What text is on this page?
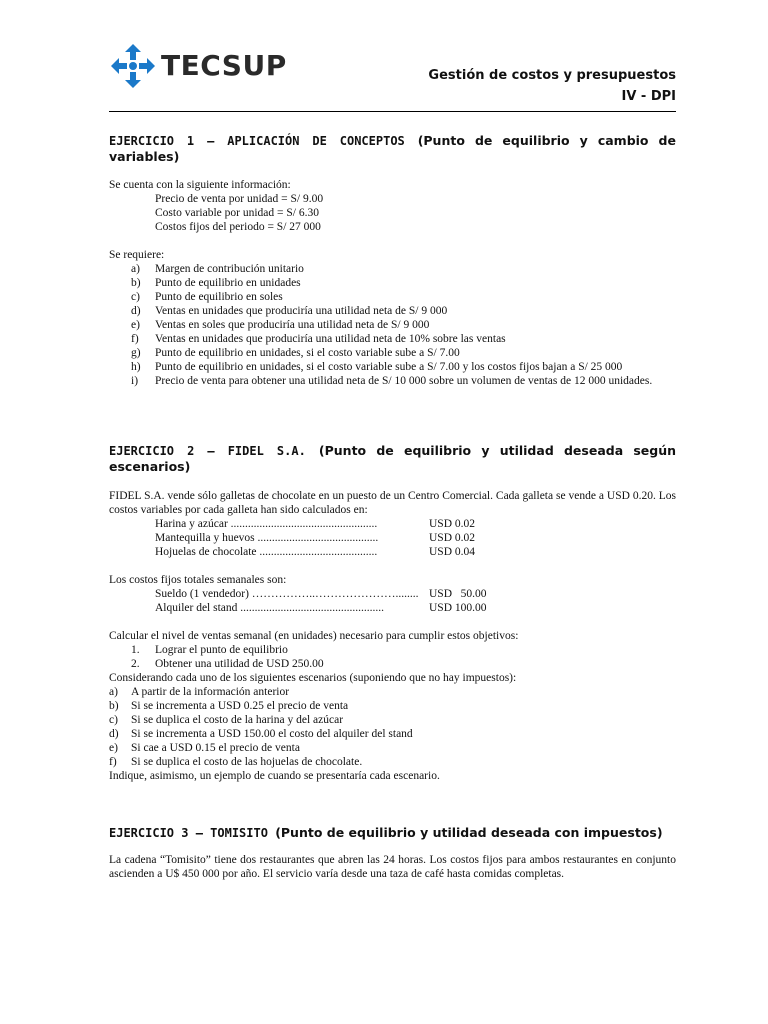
TECSUP	Gestión de costos y presupuestos
IV - DPI
EJERCICIO 1 – APLICACIÓN DE CONCEPTOS (Punto de equilibrio y cambio de variables)

Se cuenta con la siguiente información:

Precio de venta por unidad = S/ 9.00

Costo variable por unidad = S/ 6.30

Costos fijos del periodo = S/ 27 000

Se requiere:

a)	Margen de contribución unitario
b)	Punto de equilibrio en unidades
c)	Punto de equilibrio en soles
d)	Ventas en unidades que produciría una utilidad neta de S/ 9 000
e)	Ventas en soles que produciría una utilidad neta de S/ 9 000
f)	Ventas en unidades que produciría una utilidad neta de 10% sobre las ventas
g)	Punto de equilibrio en unidades, si el costo variable sube a S/ 7.00
h)	Punto de equilibrio en unidades, si el costo variable sube a S/ 7.00 y los costos fijos bajan a S/ 25 000
i)	Precio de venta para obtener una utilidad neta de S/ 10 000 sobre un volumen de ventas de 12 000 unidades.
EJERCICIO 2 – FIDEL S.A. (Punto de equilibrio y utilidad deseada según escenarios)

FIDEL S.A. vende sólo galletas de chocolate en un puesto de un Centro Comercial. Cada galleta se vende a USD 0.20. Los costos variables por cada galleta han sido calculados en:

Harina y azúcar ...................................................	USD 0.02
Mantequilla y huevos ..........................................	USD 0.02
Hojuelas de chocolate .........................................	USD 0.04

Los costos fijos totales semanales son:

Sueldo (1 vendedor) ……………..…………………........ USD   50.00
Alquiler del stand ..................................................	USD 100.00

Calcular el nivel de ventas semanal (en unidades) necesario para cumplir estos objetivos:

1.	Lograr el punto de equilibrio
2.	Obtener una utilidad de USD 250.00

Considerando cada uno de los siguientes escenarios (suponiendo que no hay impuestos):

a)	A partir de la información anterior
b)	Si se incrementa a USD 0.25 el precio de venta
c)	Si se duplica el costo de la harina y del azúcar
d)	Si se incrementa a USD 150.00 el costo del alquiler del stand
e)	Si cae a USD 0.15 el precio de venta
f)	Si se duplica el costo de las hojuelas de chocolate.

Indique, asimismo, un ejemplo de cuando se presentaría cada escenario.

EJERCICIO 3 – TOMISITO (Punto de equilibrio y utilidad deseada con impuestos)

La cadena “Tomisito” tiene dos restaurantes que abren las 24 horas. Los costos fijos para ambos restaurantes en conjunto ascienden a U$ 450 000 por año. El servicio varía desde una taza de café hasta comidas completas.
